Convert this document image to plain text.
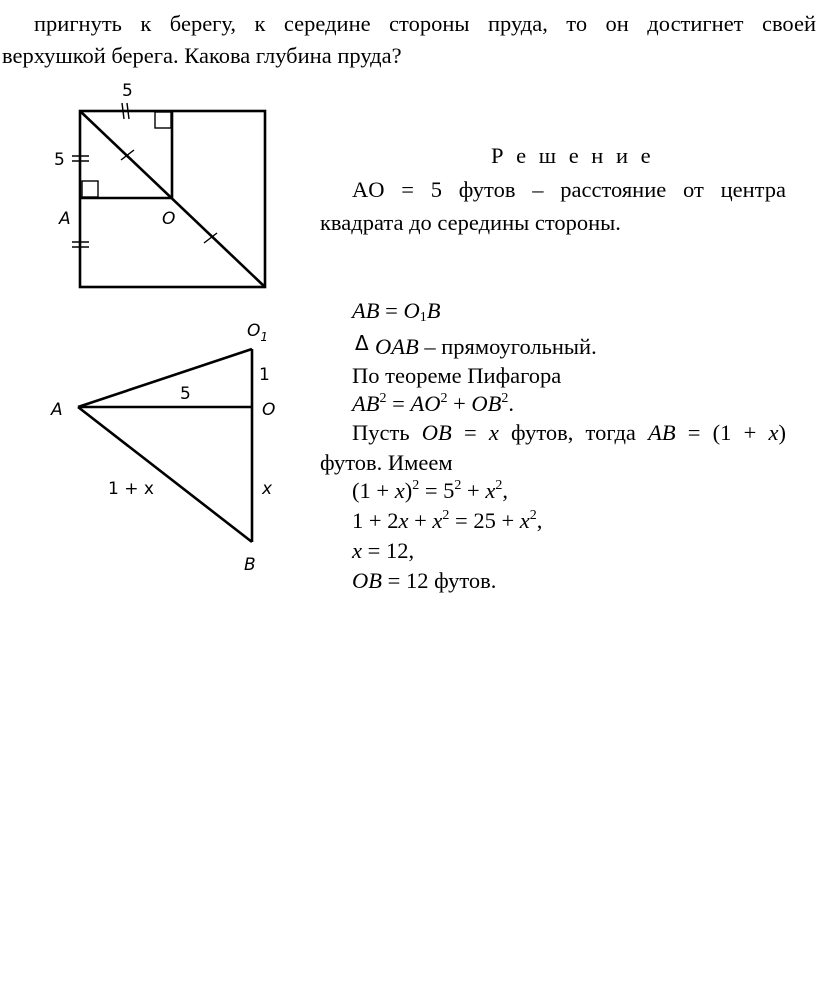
пригнуть к берегу, к середине стороны пруда, то он достигнет своей
верхушкой берега. Какова глубина пруда?
5
5
A	O
$O_1$
1
5
A	O
1 + x	x
B
Р е ш е н и е
AO = 5 футов – расстояние от центра
квадрата до середины стороны.
AB = $O_1B$
Δ OAB – прямоугольный.
По теореме Пифагора
$AB^2 = AO^2 + OB^2$.
Пусть OB = x футов, тогда AB = (1 + x)
футов. Имеем
$(1 + x)^2 = 5^2 + x^2$,
$1 + 2x + x^2 = 25 + x^2$,
x = 12,
OB = 12 футов.
